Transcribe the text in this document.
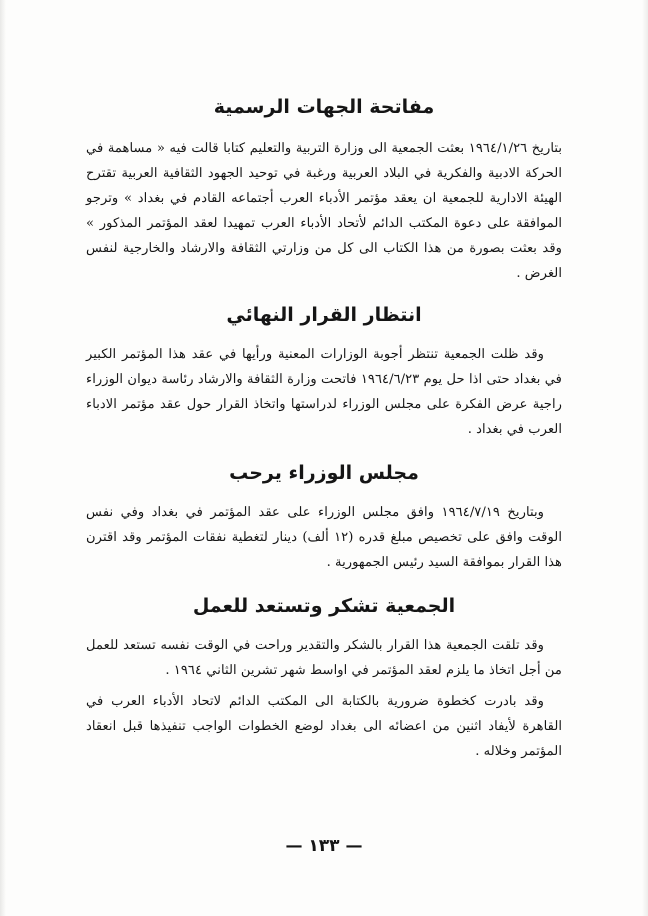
مفاتحة الجهات الرسمية

بتاريخ ١٩٦٤/١/٢٦ بعثت الجمعية الى وزارة التربية والتعليم كتابا قالت فيه « مساهمة في الحركة الادبية والفكرية في البلاد العربية ورغبة في توحيد الجهود الثقافية العربية تقترح الهيئة الادارية للجمعية ان يعقد مؤتمر الأدباء العرب أجتماعه القادم في بغداد » وترجو الموافقة على دعوة المكتب الدائم لأتحاد الأدباء العرب تمهيدا لعقد المؤتمر المذكور » وقد بعثت بصورة من هذا الكتاب الى كل من وزارتي الثقافة والارشاد والخارجية لنفس الغرض .

انتظار القرار النهائي

وقد ظلت الجمعية تنتظر أجوبة الوزارات المعنية ورأيها في عقد هذا المؤتمر الكبير في بغداد حتى اذا حل يوم ١٩٦٤/٦/٢٣ فاتحت وزارة الثقافة والارشاد رئاسة ديوان الوزراء راجية عرض الفكرة على مجلس الوزراء لدراستها واتخاذ القرار حول عقد مؤتمر الادباء العرب في بغداد .

مجلس الوزراء يرحب

وبتاريخ ١٩٦٤/٧/١٩ وافق مجلس الوزراء على عقد المؤتمر في بغداد وفي نفس الوقت وافق على تخصيص مبلغ قدره (١٢ ألف) دينار لتغطية نفقات المؤتمر وقد اقترن هذا القرار بموافقة السيد رئيس الجمهورية .

الجمعية تشكر وتستعد للعمل

وقد تلقت الجمعية هذا القرار بالشكر والتقدير وراحت في الوقت نفسه تستعد للعمل من أجل اتخاذ ما يلزم لعقد المؤتمر في اواسط شهر تشرين الثاني ١٩٦٤ .

وقد بادرت كخطوة ضرورية بالكتابة الى المكتب الدائم لاتحاد الأدباء العرب في القاهرة لأيفاد اثنين من اعضائه الى بغداد لوضع الخطوات الواجب تنفيذها قبل انعقاد المؤتمر وخلاله .

— ١٣٣ —
